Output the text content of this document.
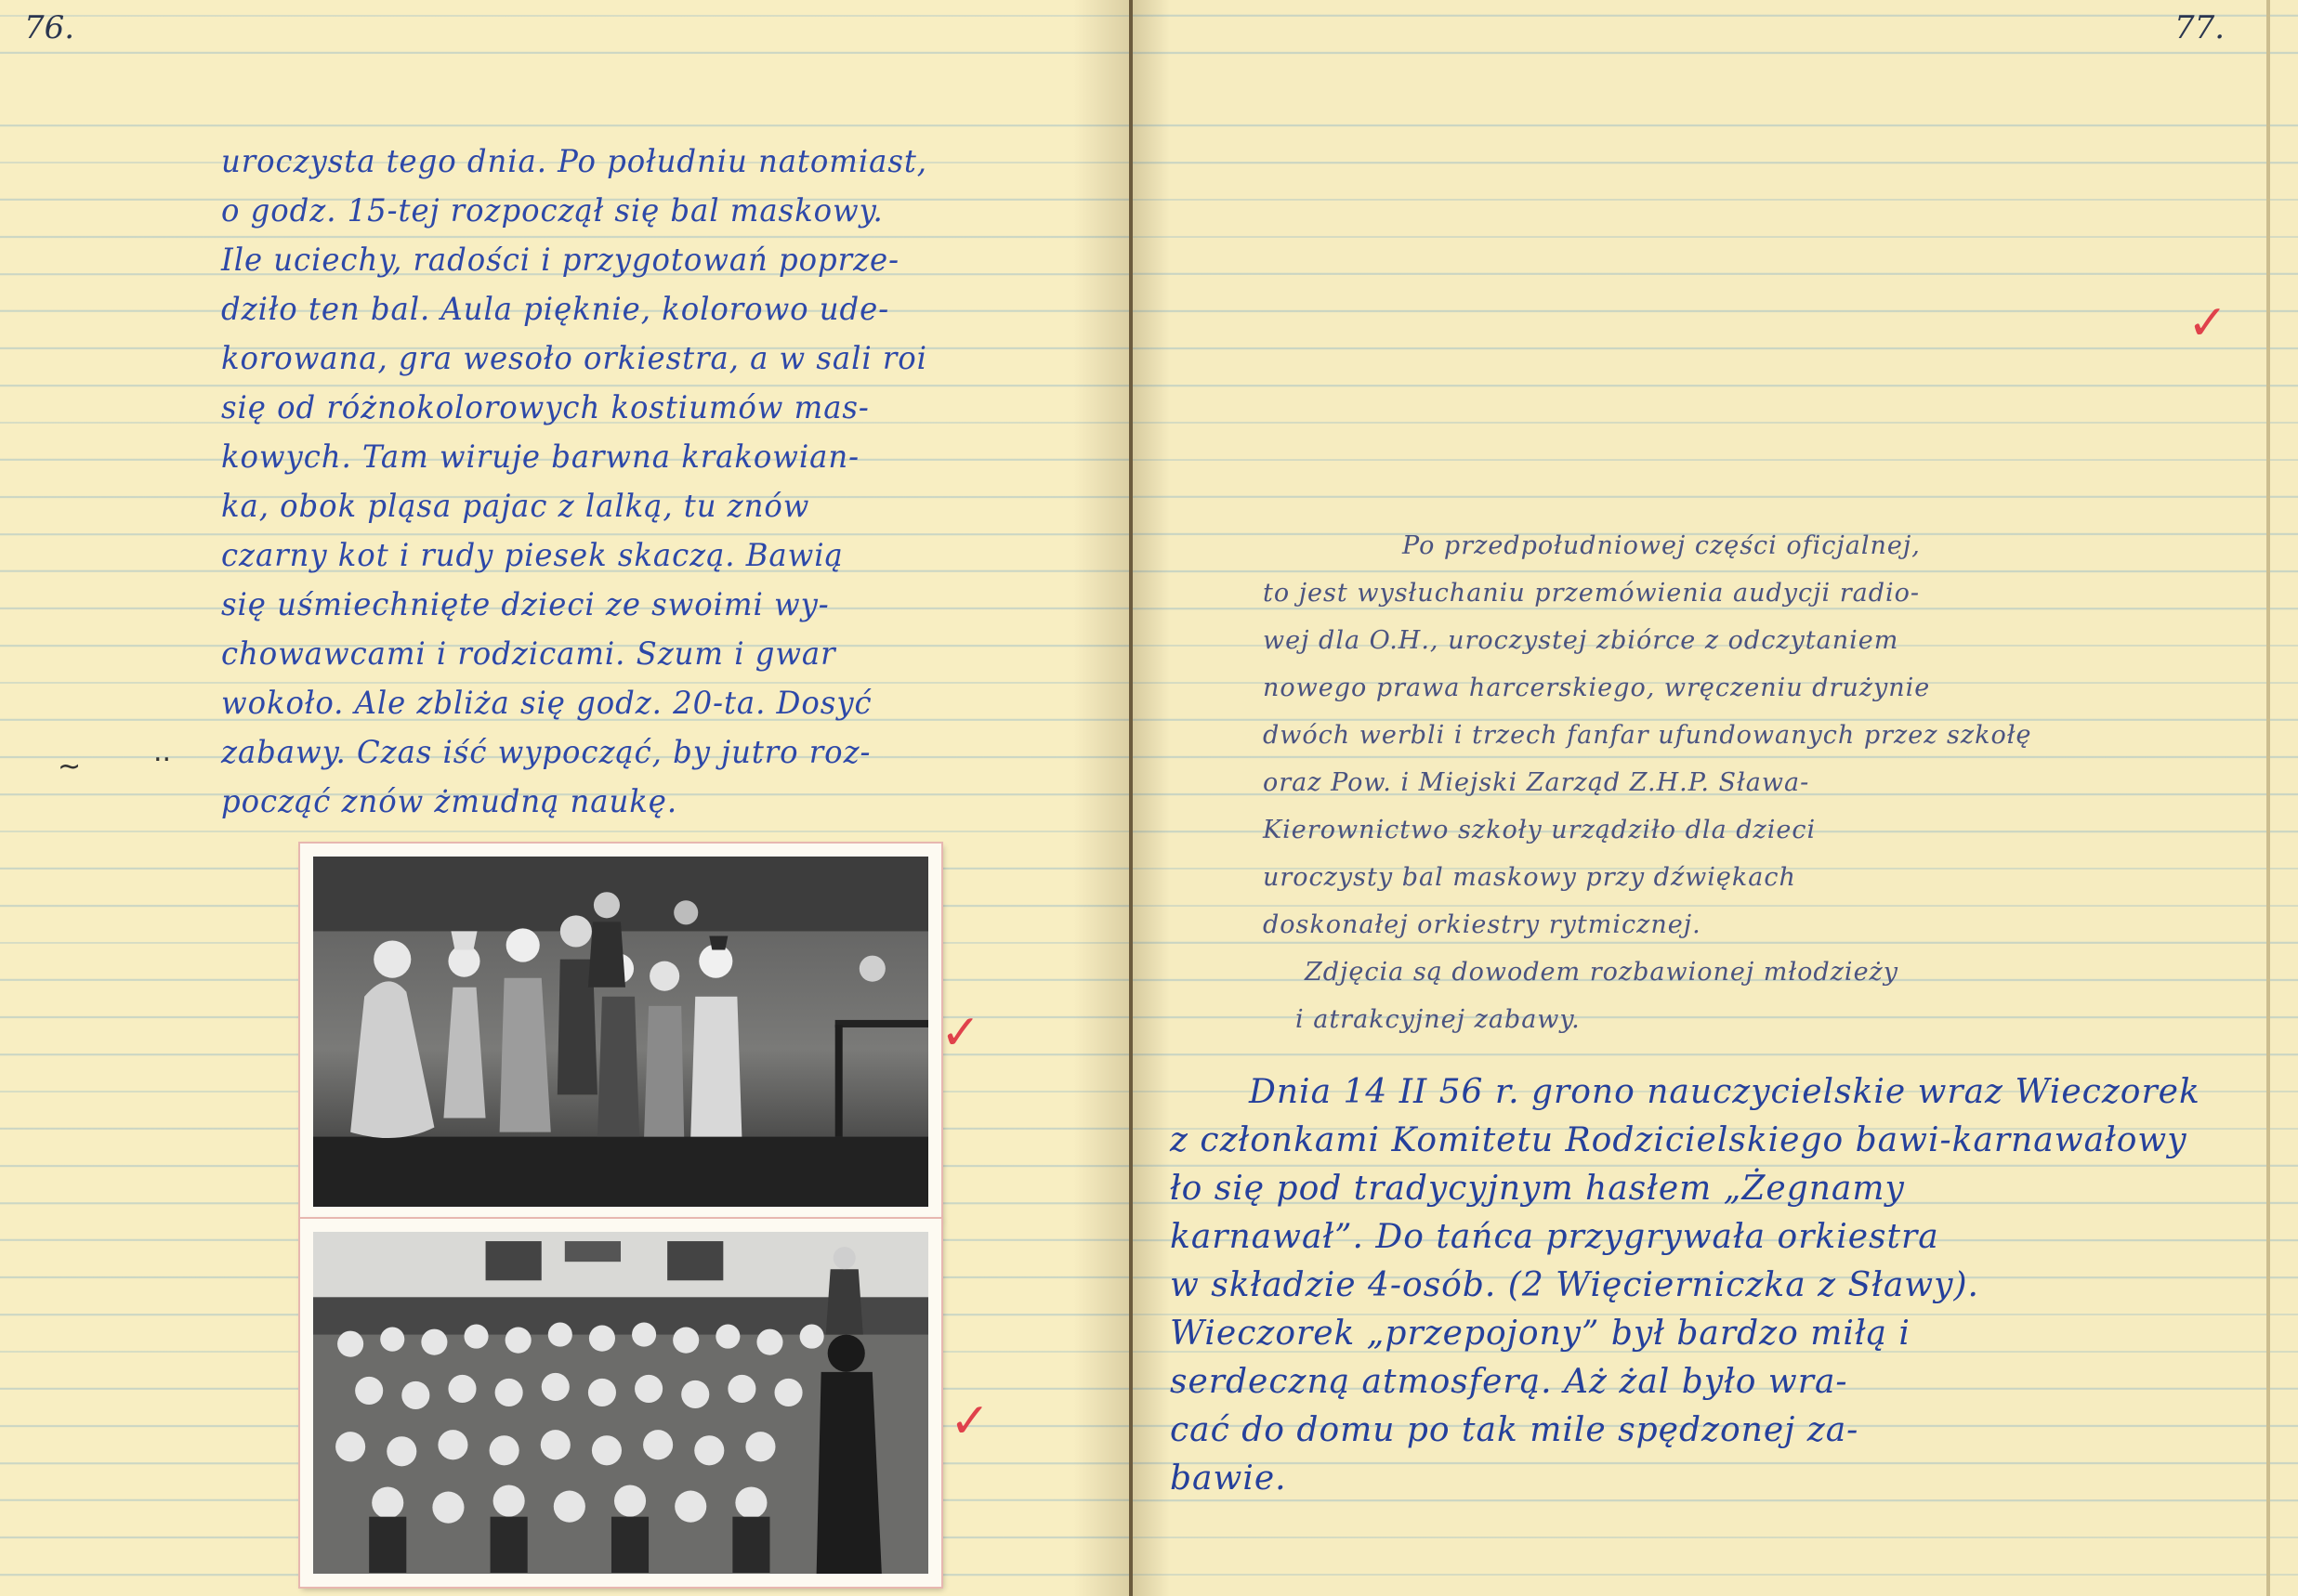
76.
uroczysta tego dnia. Po południu natomiast,
o godz. 15-tej rozpoczął się bal maskowy.
Ile uciechy, radości i przygotowań poprze-
dziło ten bal. Aula pięknie, kolorowo ude-
korowana, gra wesoło orkiestra, a w sali roi
się od różnokolorowych kostiumów mas-
kowych. Tam wiruje barwna krakowian-
ka, obok pląsa pajac z lalką, tu znów
czarny kot i rudy piesek skaczą. Bawią
się uśmiechnięte dzieci ze swoimi wy-
chowawcami i rodzicami. Szum i gwar
wokoło. Ale zbliża się godz. 20-ta. Dosyć
zabawy. Czas iść wypocząć, by jutro roz-
począć znów żmudną naukę.
..
~
✓
✓
77.
✓
Po przedpołudniowej części oficjalnej,
to jest wysłuchaniu przemówienia audycji radio-
wej dla O.H., uroczystej zbiórce z odczytaniem
nowego prawa harcerskiego, wręczeniu drużynie
dwóch werbli i trzech fanfar ufundowanych przez szkołę
oraz Pow. i Miejski Zarząd Z.H.P. Sława-
Kierownictwo szkoły urządziło dla dzieci
uroczysty bal maskowy przy dźwiękach
doskonałej orkiestry rytmicznej.
Zdjęcia są dowodem rozbawionej młodzieży
i atrakcyjnej zabawy.
Dnia 14 II 56 r. grono nauczycielskie wraz Wieczorek
z członkami Komitetu Rodzicielskiego bawi-karnawałowy
ło się pod tradycyjnym hasłem „Żegnamy
karnawał”. Do tańca przygrywała orkiestra
w składzie 4-osób. (2 Więcierniczka z Sławy).
Wieczorek „przepojony” był bardzo miłą i
serdeczną atmosferą. Aż żal było wra-
cać do domu po tak mile spędzonej za-
bawie.
